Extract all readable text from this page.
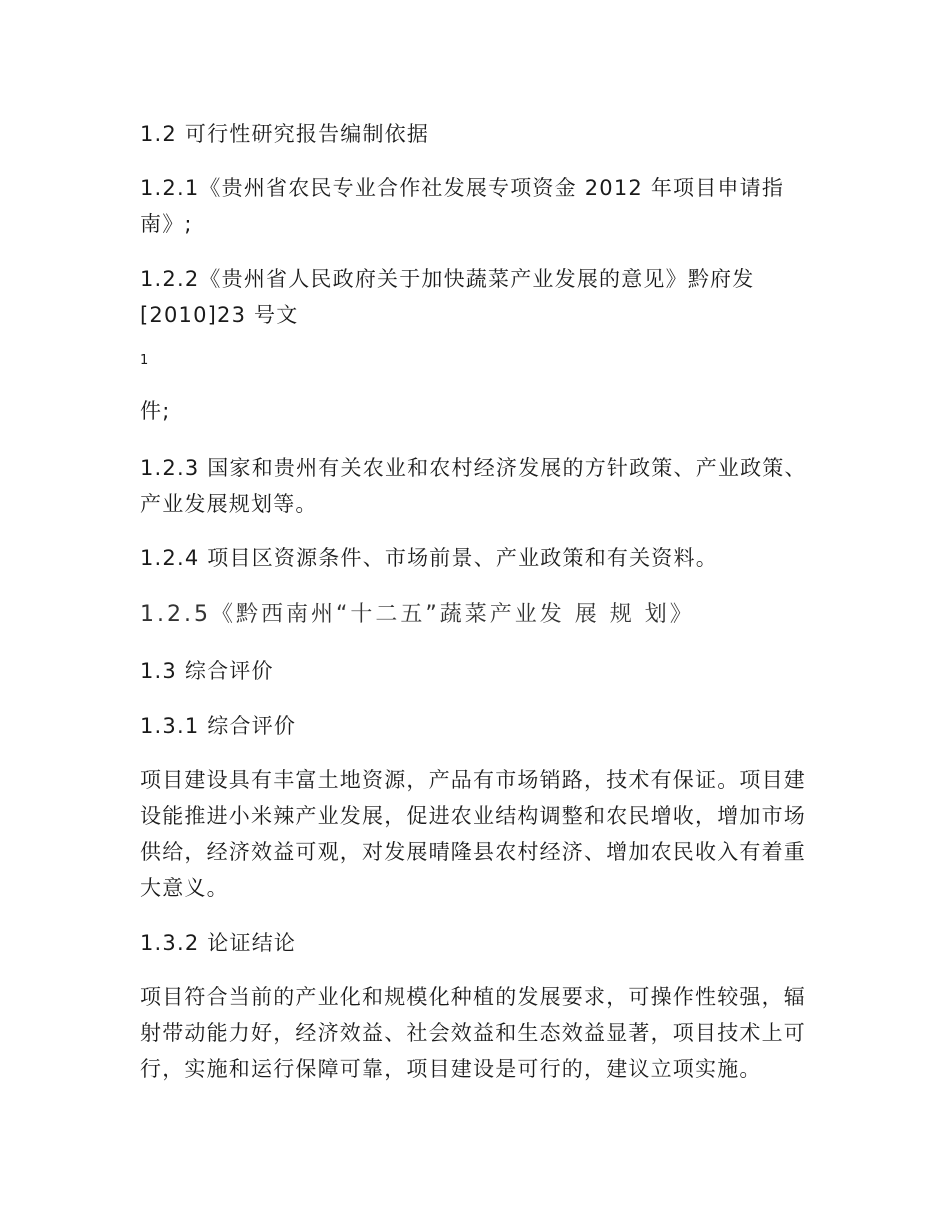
1.2 可行性研究报告编制依据

1.2.1《贵州省农民专业合作社发展专项资金 2012 年项目申请指南》;

1.2.2《贵州省人民政府关于加快蔬菜产业发展的意见》黔府发[2010]23 号文

1

件;

1.2.3 国家和贵州有关农业和农村经济发展的方针政策、产业政策、产业发展规划等。

1.2.4 项目区资源条件、市场前景、产业政策和有关资料。

1.2.5《黔西南州“十二五”蔬菜产业发 展 规 划》

1.3 综合评价

1.3.1 综合评价

项目建设具有丰富土地资源，产品有市场销路，技术有保证。项目建设能推进小米辣产业发展，促进农业结构调整和农民增收，增加市场供给，经济效益可观，对发展晴隆县农村经济、增加农民收入有着重大意义。

1.3.2 论证结论

项目符合当前的产业化和规模化种植的发展要求，可操作性较强，辐射带动能力好，经济效益、社会效益和生态效益显著，项目技术上可行，实施和运行保障可靠，项目建设是可行的，建议立项实施。
